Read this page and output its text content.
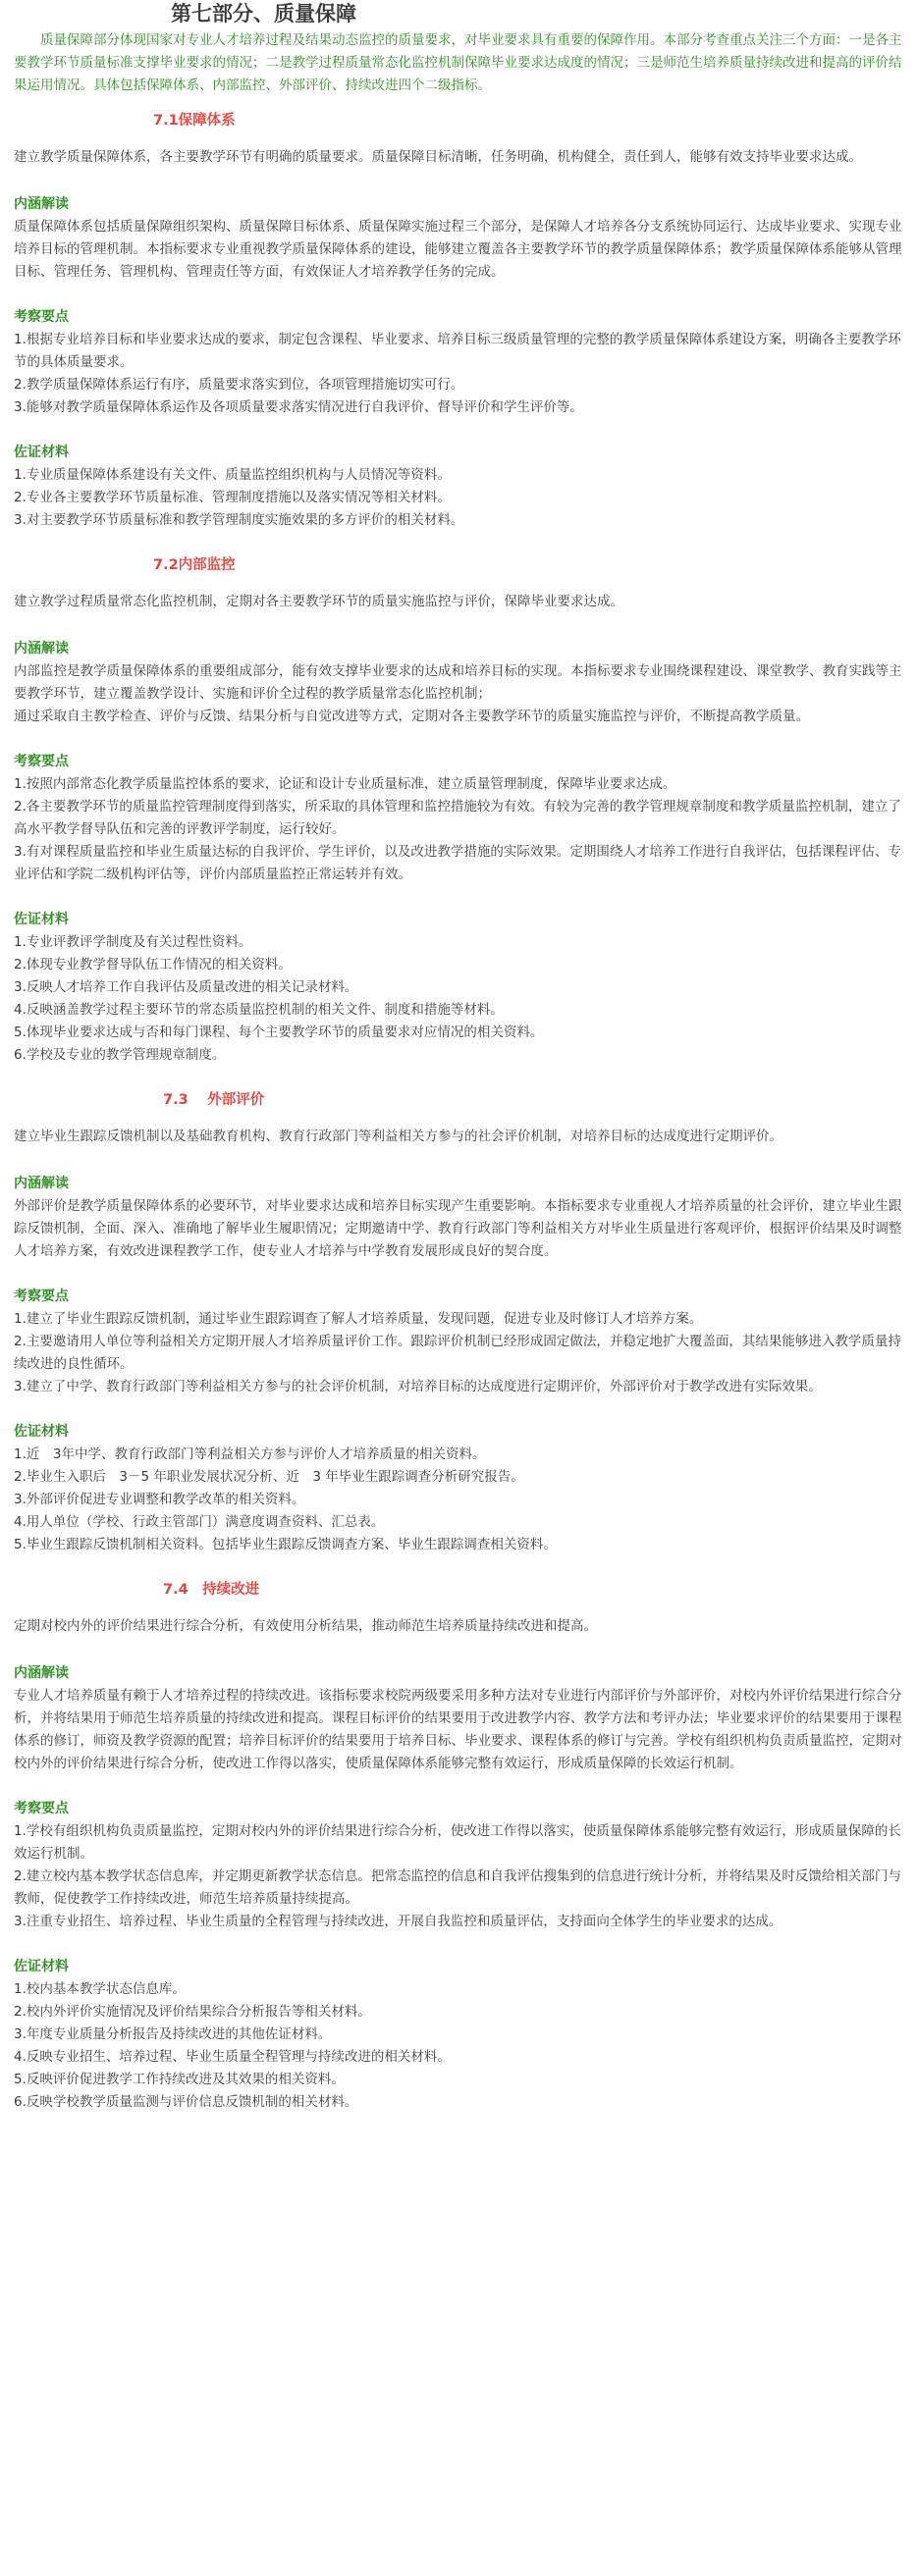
第七部分、质量保障

质量保障部分体现国家对专业人才培养过程及结果动态监控的质量要求，对毕业要求具有重要的保障作用。本部分考查重点关注三个方面：一是各主要教学环节质量标准支撑毕业要求的情况；二是教学过程质量常态化监控机制保障毕业要求达成度的情况；三是师范生培养质量持续改进和提高的评价结果运用情况。具体包括保障体系、内部监控、外部评价、持续改进四个二级指标。

7.1保障体系

建立教学质量保障体系，各主要教学环节有明确的质量要求。质量保障目标清晰，任务明确，机构健全，责任到人，能够有效支持毕业要求达成。

内涵解读

质量保障体系包括质量保障组织架构、质量保障目标体系、质量保障实施过程三个部分，是保障人才培养各分支系统协同运行、达成毕业要求、实现专业培养目标的管理机制。本指标要求专业重视教学质量保障体系的建设，能够建立覆盖各主要教学环节的教学质量保障体系；教学质量保障体系能够从管理目标、管理任务、管理机构、管理责任等方面，有效保证人才培养教学任务的完成。

考察要点

1.根据专业培养目标和毕业要求达成的要求，制定包含课程、毕业要求、培养目标三级质量管理的完整的教学质量保障体系建设方案，明确各主要教学环节的具体质量要求。

2.教学质量保障体系运行有序，质量要求落实到位，各项管理措施切实可行。

3.能够对教学质量保障体系运作及各项质量要求落实情况进行自我评价、督导评价和学生评价等。

佐证材料

1.专业质量保障体系建设有关文件、质量监控组织机构与人员情况等资料。

2.专业各主要教学环节质量标准、管理制度措施以及落实情况等相关材料。

3.对主要教学环节质量标准和教学管理制度实施效果的多方评价的相关材料。

7.2内部监控

建立教学过程质量常态化监控机制，定期对各主要教学环节的质量实施监控与评价，保障毕业要求达成。

内涵解读

内部监控是教学质量保障体系的重要组成部分，能有效支撑毕业要求的达成和培养目标的实现。本指标要求专业围绕课程建设、课堂教学、教育实践等主要教学环节，建立覆盖教学设计、实施和评价全过程的教学质量常态化监控机制；

通过采取自主教学检查、评价与反馈、结果分析与自觉改进等方式，定期对各主要教学环节的质量实施监控与评价，不断提高教学质量。

考察要点

1.按照内部常态化教学质量监控体系的要求，论证和设计专业质量标准，建立质量管理制度，保障毕业要求达成。

2.各主要教学环节的质量监控管理制度得到落实，所采取的具体管理和监控措施较为有效。有较为完善的教学管理规章制度和教学质量监控机制，建立了高水平教学督导队伍和完善的评教评学制度，运行较好。

3.有对课程质量监控和毕业生质量达标的自我评价、学生评价，以及改进教学措施的实际效果。定期围绕人才培养工作进行自我评估，包括课程评估、专业评估和学院二级机构评估等，评价内部质量监控正常运转并有效。

佐证材料

1.专业评教评学制度及有关过程性资料。

2.体现专业教学督导队伍工作情况的相关资料。

3.反映人才培养工作自我评估及质量改进的相关记录材料。

4.反映涵盖教学过程主要环节的常态质量监控机制的相关文件、制度和措施等材料。

5.体现毕业要求达成与否和每门课程、每个主要教学环节的质量要求对应情况的相关资料。

6.学校及专业的教学管理规章制度。

7.3　 外部评价

建立毕业生跟踪反馈机制以及基础教育机构、教育行政部门等利益相关方参与的社会评价机制，对培养目标的达成度进行定期评价。

内涵解读

外部评价是教学质量保障体系的必要环节，对毕业要求达成和培养目标实现产生重要影响。本指标要求专业重视人才培养质量的社会评价，建立毕业生跟踪反馈机制，全面、深入、准确地了解毕业生履职情况；定期邀请中学、教育行政部门等利益相关方对毕业生质量进行客观评价，根据评价结果及时调整人才培养方案，有效改进课程教学工作，使专业人才培养与中学教育发展形成良好的契合度。

考察要点

1.建立了毕业生跟踪反馈机制，通过毕业生跟踪调查了解人才培养质量，发现问题，促进专业及时修订人才培养方案。

2.主要邀请用人单位等利益相关方定期开展人才培养质量评价工作。跟踪评价机制已经形成固定做法，并稳定地扩大覆盖面，其结果能够进入教学质量持续改进的良性循环。

3.建立了中学、教育行政部门等利益相关方参与的社会评价机制，对培养目标的达成度进行定期评价，外部评价对于教学改进有实际效果。

佐证材料

1.近　3年中学、教育行政部门等利益相关方参与评价人才培养质量的相关资料。

2.毕业生入职后　3－5 年职业发展状况分析、近　3 年毕业生跟踪调查分析研究报告。

3.外部评价促进专业调整和教学改革的相关资料。

4.用人单位（学校、行政主管部门）满意度调查资料、汇总表。

5.毕业生跟踪反馈机制相关资料。包括毕业生跟踪反馈调查方案、毕业生跟踪调查相关资料。

7.4　持续改进

定期对校内外的评价结果进行综合分析，有效使用分析结果，推动师范生培养质量持续改进和提高。

内涵解读

专业人才培养质量有赖于人才培养过程的持续改进。该指标要求校院两级要采用多种方法对专业进行内部评价与外部评价，对校内外评价结果进行综合分析，并将结果用于师范生培养质量的持续改进和提高。课程目标评价的结果要用于改进教学内容、教学方法和考评办法；毕业要求评价的结果要用于课程体系的修订，师资及教学资源的配置；培养目标评价的结果要用于培养目标、毕业要求、课程体系的修订与完善。学校有组织机构负责质量监控，定期对校内外的评价结果进行综合分析，使改进工作得以落实，使质量保障体系能够完整有效运行，形成质量保障的长效运行机制。

考察要点

1.学校有组织机构负责质量监控，定期对校内外的评价结果进行综合分析，使改进工作得以落实，使质量保障体系能够完整有效运行，形成质量保障的长效运行机制。

2.建立校内基本教学状态信息库，并定期更新教学状态信息。把常态监控的信息和自我评估搜集到的信息进行统计分析，并将结果及时反馈给相关部门与教师，促使教学工作持续改进，师范生培养质量持续提高。

3.注重专业招生、培养过程、毕业生质量的全程管理与持续改进，开展自我监控和质量评估，支持面向全体学生的毕业要求的达成。

佐证材料

1.校内基本教学状态信息库。

2.校内外评价实施情况及评价结果综合分析报告等相关材料。

3.年度专业质量分析报告及持续改进的其他佐证材料。

4.反映专业招生、培养过程、毕业生质量全程管理与持续改进的相关材料。

5.反映评价促进教学工作持续改进及其效果的相关资料。

6.反映学校教学质量监测与评价信息反馈机制的相关材料。
